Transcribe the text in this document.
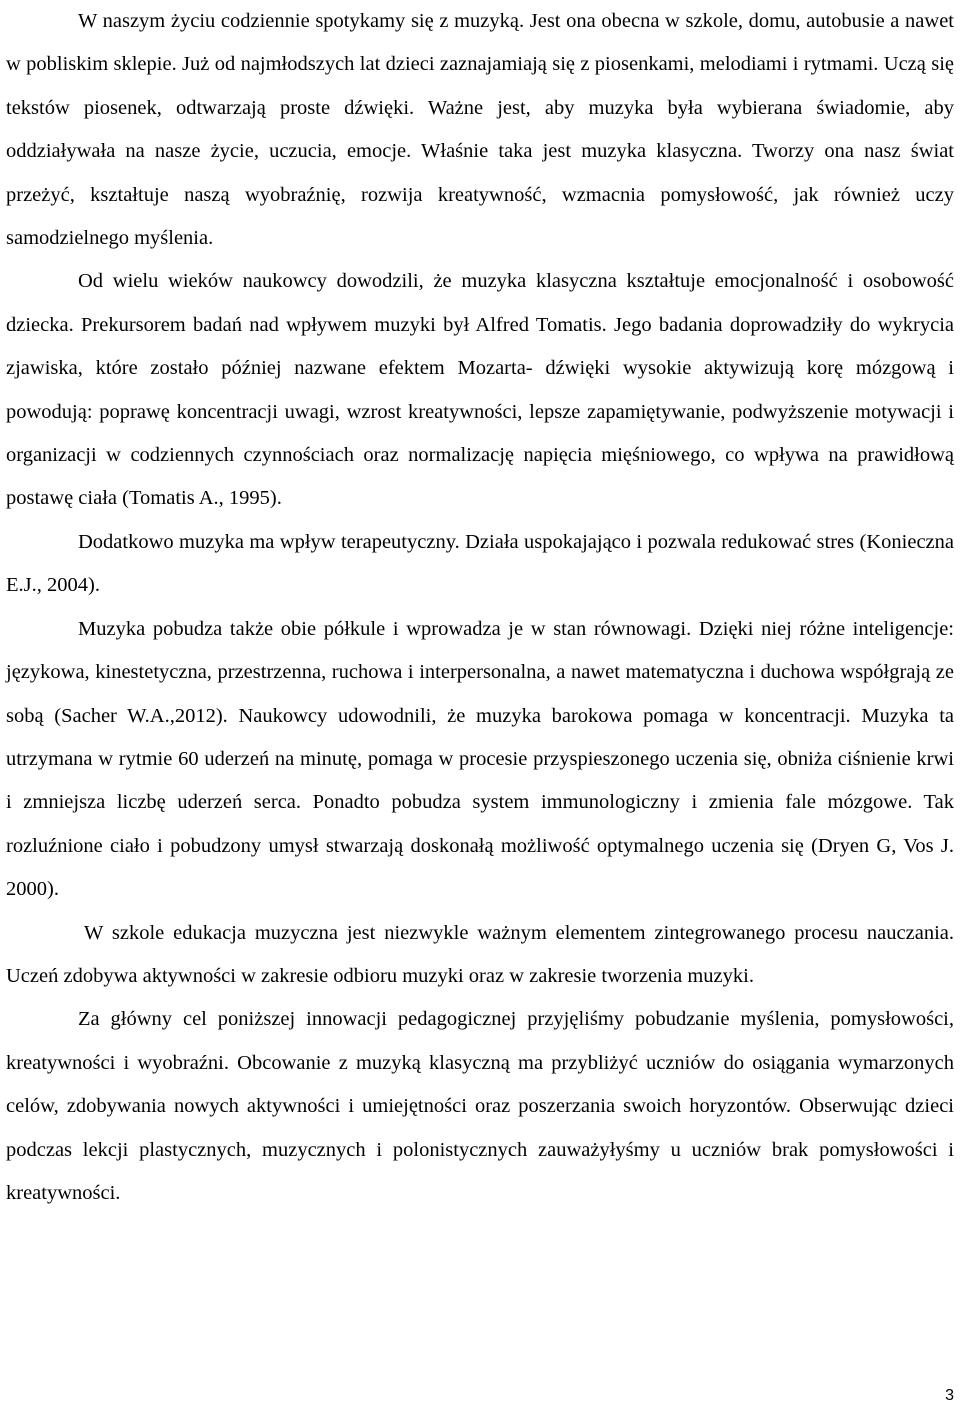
W naszym życiu codziennie spotykamy się z muzyką. Jest ona obecna w szkole, domu, autobusie a nawet w pobliskim sklepie. Już od najmłodszych lat dzieci zaznajamiają się z piosenkami, melodiami i rytmami. Uczą się tekstów piosenek, odtwarzają proste dźwięki. Ważne jest, aby muzyka była wybierana świadomie, aby oddziaływała na nasze życie, uczucia, emocje. Właśnie taka jest muzyka klasyczna. Tworzy ona nasz świat przeżyć, kształtuje naszą wyobraźnię, rozwija kreatywność, wzmacnia pomysłowość, jak również uczy samodzielnego myślenia.

Od wielu wieków naukowcy dowodzili, że muzyka klasyczna kształtuje emocjonalność i osobowość dziecka. Prekursorem badań nad wpływem muzyki był Alfred Tomatis. Jego badania doprowadziły do wykrycia zjawiska, które zostało później nazwane efektem Mozarta- dźwięki wysokie aktywizują korę mózgową i powodują: poprawę koncentracji uwagi, wzrost kreatywności, lepsze zapamiętywanie, podwyższenie motywacji i organizacji w codziennych czynnościach oraz normalizację napięcia mięśniowego, co wpływa na prawidłową postawę ciała (Tomatis A., 1995).

Dodatkowo muzyka ma wpływ terapeutyczny. Działa uspokajająco i pozwala redukować stres (Konieczna E.J., 2004).

Muzyka pobudza także obie półkule i wprowadza je w stan równowagi. Dzięki niej różne inteligencje: językowa, kinestetyczna, przestrzenna, ruchowa i interpersonalna, a nawet matematyczna i duchowa współgrają ze sobą (Sacher W.A.,2012). Naukowcy udowodnili, że muzyka barokowa pomaga w koncentracji. Muzyka ta utrzymana w rytmie 60 uderzeń na minutę, pomaga w procesie przyspieszonego uczenia się, obniża ciśnienie krwi i zmniejsza liczbę uderzeń serca. Ponadto pobudza system immunologiczny i zmienia fale mózgowe. Tak rozluźnione ciało i pobudzony umysł stwarzają doskonałą możliwość optymalnego uczenia się (Dryen G, Vos J. 2000).

W szkole edukacja muzyczna jest niezwykle ważnym elementem zintegrowanego procesu nauczania. Uczeń zdobywa aktywności w zakresie odbioru muzyki oraz w zakresie tworzenia muzyki.

Za główny cel poniższej innowacji pedagogicznej przyjęliśmy pobudzanie myślenia, pomysłowości, kreatywności i wyobraźni. Obcowanie z muzyką klasyczną ma przybliżyć uczniów do osiągania wymarzonych celów, zdobywania nowych aktywności i umiejętności oraz poszerzania swoich horyzontów. Obserwując dzieci podczas lekcji plastycznych, muzycznych i polonistycznych zauważyłyśmy u uczniów brak pomysłowości i kreatywności.

3
